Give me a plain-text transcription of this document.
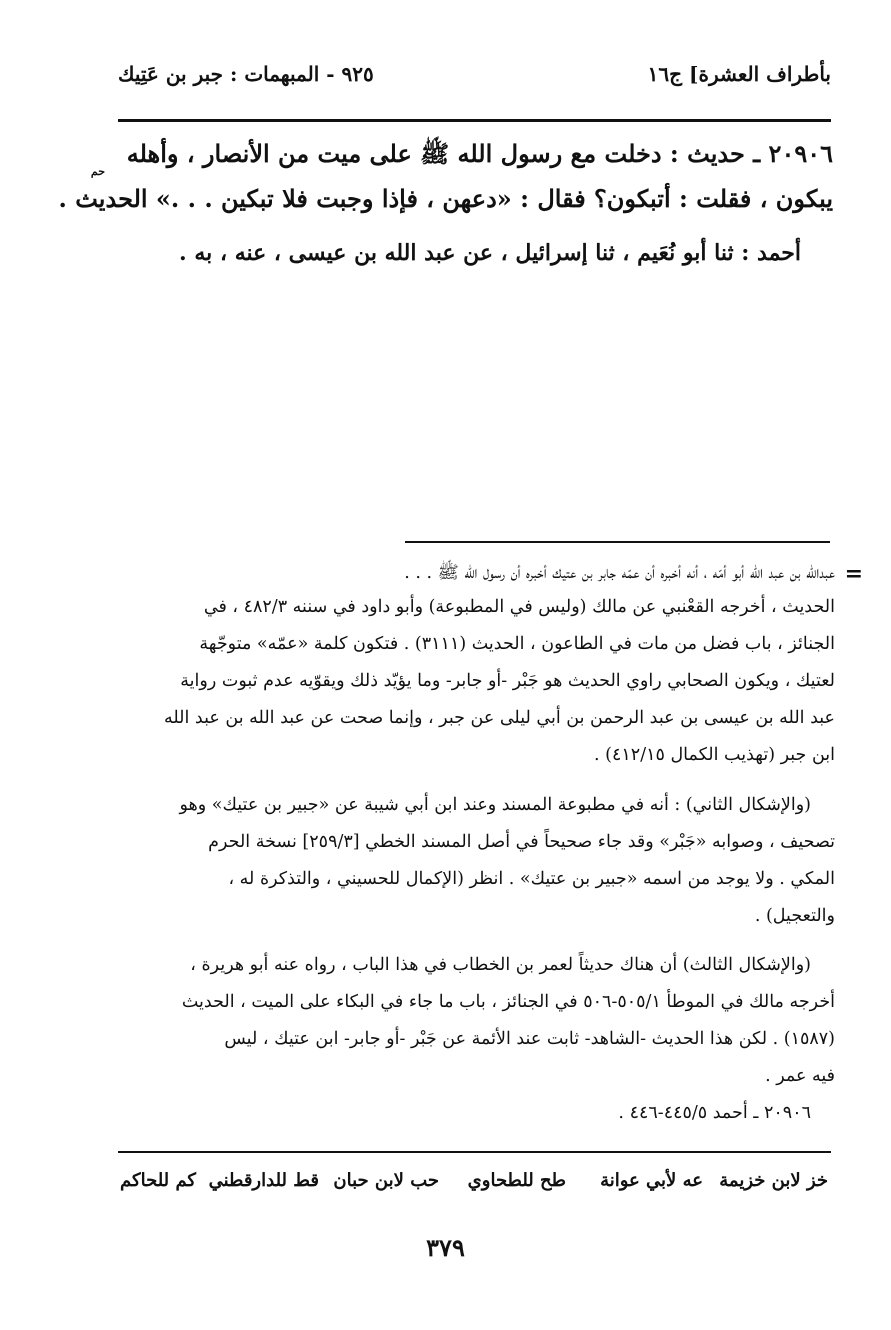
بأطراف العشرة] ج١٦
٩٢٥ - المبهمات : جبر بن عَتِيك
٢٠٩٠٦ ـ حديث : دخلت مع رسول الله ﷺ على ميت من الأنصار ، وأهله
حم
يبكون ، فقلت : أتبكون؟ فقال : «دعهن ، فإذا وجبت فلا تبكين . . .» الحديث .
أحمد : ثنا أبو نُعَيم ، ثنا إسرائيل ، عن عبد الله بن عيسى ، عنه ، به .
=
عبدالله بن عبد الله أبو أمّه ، أنه أخبره أن عمّه جابر بن عتيك أخبره أن رسول الله ﷺ . . .
الحديث ، أخرجه القعْنبي عن مالك (وليس في المطبوعة) وأبو داود في سننه ٤٨٢/٣ ، في
الجنائز ، باب فضل من مات في الطاعون ، الحديث (٣١١١) . فتكون كلمة «عمّه» متوجّهة
لعتيك ، ويكون الصحابي راوي الحديث هو جَبْر -أو جابر- وما يؤيّد ذلك ويقوّيه عدم ثبوت رواية
عبد الله بن عيسى بن عبد الرحمن بن أبي ليلى عن جبر ، وإنما صحت عن عبد الله بن عبد الله
ابن جبر (تهذيب الكمال ٤١٢/١٥) .
(والإشكال الثاني) : أنه في مطبوعة المسند وعند ابن أبي شيبة عن «جبير بن عتيك» وهو
تصحيف ، وصوابه «جَبْر» وقد جاء صحيحاً في أصل المسند الخطي [٢٥٩/٣] نسخة الحرم
المكي . ولا يوجد من اسمه «جبير بن عتيك» . انظر (الإكمال للحسيني ، والتذكرة له ،
والتعجيل) .
(والإشكال الثالث) أن هناك حديثاً لعمر بن الخطاب في هذا الباب ، رواه عنه أبو هريرة ،
أخرجه مالك في الموطأ ٥٠٥/١-٥٠٦ في الجنائز ، باب ما جاء في البكاء على الميت ، الحديث
(١٥٨٧) . لكن هذا الحديث -الشاهد- ثابت عند الأئمة عن جَبْر -أو جابر- ابن عتيك ، ليس
فيه عمر .
٢٠٩٠٦ ـ أحمد ٤٤٥/٥-٤٤٦ .
خز لابن خزيمة
عه لأبي عوانة
طح للطحاوي
حب لابن حبان
قط للدارقطني
كم للحاكم
٣٧٩
